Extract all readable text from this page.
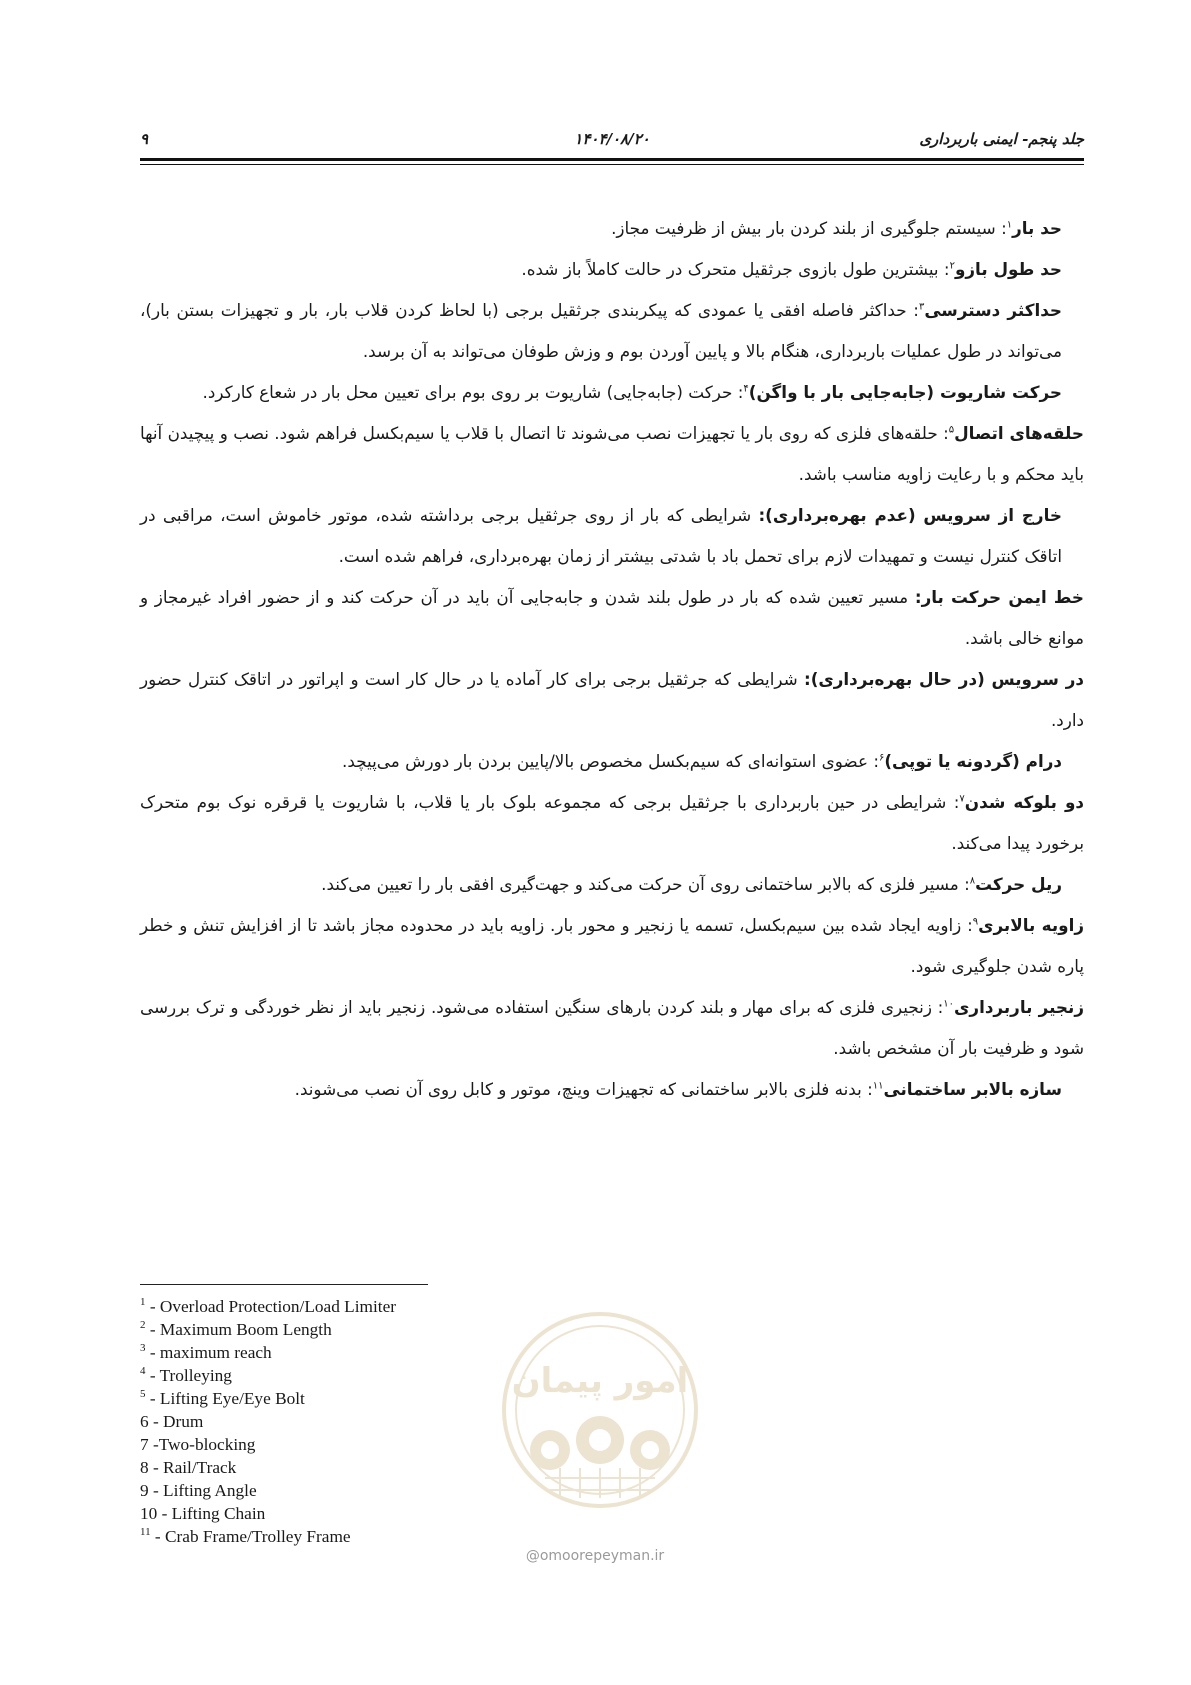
جلد پنجم- ایمنی باربرداری
۱۴۰۴/۰۸/۲۰
۹

حد بار$^۱$: سیستم جلوگیری از بلند کردن بار بیش از ظرفیت مجاز.

حد طول بازو$^۲$: بیشترین طول بازوی جرثقیل متحرک در حالت کاملاً باز شده.

حداکثر دسترسی$^۳$: حداکثر فاصله افقی یا عمودی که پیکربندی جرثقیل برجی (با لحاظ کردن قلاب بار، بار و تجهیزات بستن بار)، می‌تواند در طول عملیات باربرداری، هنگام بالا و پایین آوردن بوم و وزش طوفان می‌تواند به آن برسد.

حرکت شاریوت (جابه‌جایی بار با واگن)$^۴$: حرکت (جابه‌جایی) شاریوت بر روی بوم برای تعیین محل بار در شعاع کارکرد.

حلقه‌های اتصال$^۵$: حلقه‌های فلزی که روی بار یا تجهیزات نصب می‌شوند تا اتصال با قلاب یا سیم‌بکسل فراهم شود. نصب و پیچیدن آنها باید محکم و با رعایت زاویه مناسب باشد.

خارج از سرویس (عدم بهره‌برداری): شرایطی که بار از روی جرثقیل برجی برداشته شده، موتور خاموش است، مراقبی در اتاقک کنترل نیست و تمهیدات لازم برای تحمل باد با شدتی بیشتر از زمان بهره‌برداری، فراهم شده است.

خط ایمن حرکت بار: مسیر تعیین شده که بار در طول بلند شدن و جابه‌جایی آن باید در آن حرکت کند و از حضور افراد غیرمجاز و موانع خالی باشد.

در سرویس (در حال بهره‌برداری): شرایطی که جرثقیل برجی برای کار آماده یا در حال کار است و اپراتور در اتاقک کنترل حضور دارد.

درام (گردونه یا توپی)$^۶$: عضوی استوانه‌ای که سیم‌بکسل مخصوص بالا/پایین بردن بار دورش می‌پیچد.

دو بلوکه شدن$^۷$: شرایطی در حین باربرداری با جرثقیل برجی که مجموعه بلوک بار یا قلاب، با شاریوت یا قرقره نوک بوم متحرک برخورد پیدا می‌کند.

ریل حرکت$^۸$: مسیر فلزی که بالابر ساختمانی روی آن حرکت می‌کند و جهت‌گیری افقی بار را تعیین می‌کند.

زاویه بالابری$^۹$: زاویه ایجاد شده بین سیم‌بکسل، تسمه یا زنجیر و محور بار. زاویه باید در محدوده مجاز باشد تا از افزایش تنش و خطر پاره شدن جلوگیری شود.

زنجیر باربرداری$^{۱۰}$: زنجیری فلزی که برای مهار و بلند کردن بارهای سنگین استفاده می‌شود. زنجیر باید از نظر خوردگی و ترک بررسی شود و ظرفیت بار آن مشخص باشد.

سازه بالابر ساختمانی$^{۱۱}$: بدنه فلزی بالابر ساختمانی که تجهیزات وینچ، موتور و کابل روی آن نصب می‌شوند.

$^1$ - Overload Protection/Load Limiter
$^2$ - Maximum Boom Length
$^3$ - maximum reach
$^4$ - Trolleying
$^5$ - Lifting Eye/Eye Bolt
6 - Drum
7 -Two-blocking
8 - Rail/Track
9 - Lifting Angle
10 - Lifting Chain
$^{11}$ - Crab Frame/Trolley Frame
امور پیمان
@omoorepeyman.ir
